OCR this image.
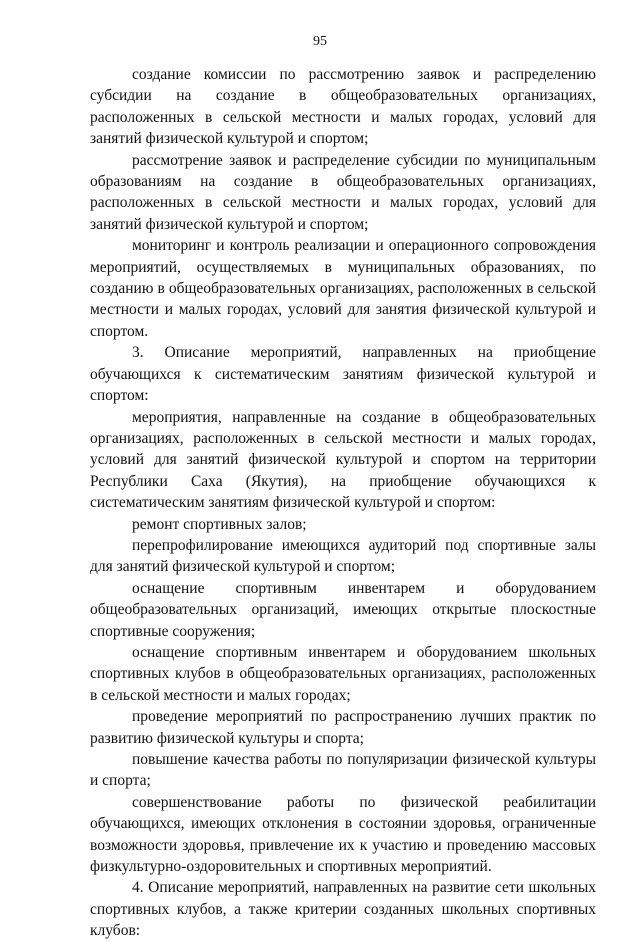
95

создание комиссии по рассмотрению заявок и распределению субсидии на создание в общеобразовательных организациях, расположенных в сельской местности и малых городах, условий для занятий физической культурой и спортом;

рассмотрение заявок и распределение субсидии по муниципальным образованиям на создание в общеобразовательных организациях, расположенных в сельской местности и малых городах, условий для занятий физической культурой и спортом;

мониторинг и контроль реализации и операционного сопровождения мероприятий, осуществляемых в муниципальных образованиях, по созданию в общеобразовательных организациях, расположенных в сельской местности и малых городах, условий для занятия физической культурой и спортом.

3. Описание мероприятий, направленных на приобщение обучающихся к систематическим занятиям физической культурой и спортом:

мероприятия, направленные на создание в общеобразовательных организациях, расположенных в сельской местности и малых городах, условий для занятий физической культурой и спортом на территории Республики Саха (Якутия), на приобщение обучающихся к систематическим занятиям физической культурой и спортом:

ремонт спортивных залов;

перепрофилирование имеющихся аудиторий под спортивные залы для занятий физической культурой и спортом;

оснащение спортивным инвентарем и оборудованием общеобразовательных организаций, имеющих открытые плоскостные спортивные сооружения;

оснащение спортивным инвентарем и оборудованием школьных спортивных клубов в общеобразовательных организациях, расположенных в сельской местности и малых городах;

проведение мероприятий по распространению лучших практик по развитию физической культуры и спорта;

повышение качества работы по популяризации физической культуры и спорта;

совершенствование работы по физической реабилитации обучающихся, имеющих отклонения в состоянии здоровья, ограниченные возможности здоровья, привлечение их к участию и проведению массовых физкультурно-оздоровительных и спортивных мероприятий.

4. Описание мероприятий, направленных на развитие сети школьных спортивных клубов, а также критерии созданных школьных спортивных клубов:
